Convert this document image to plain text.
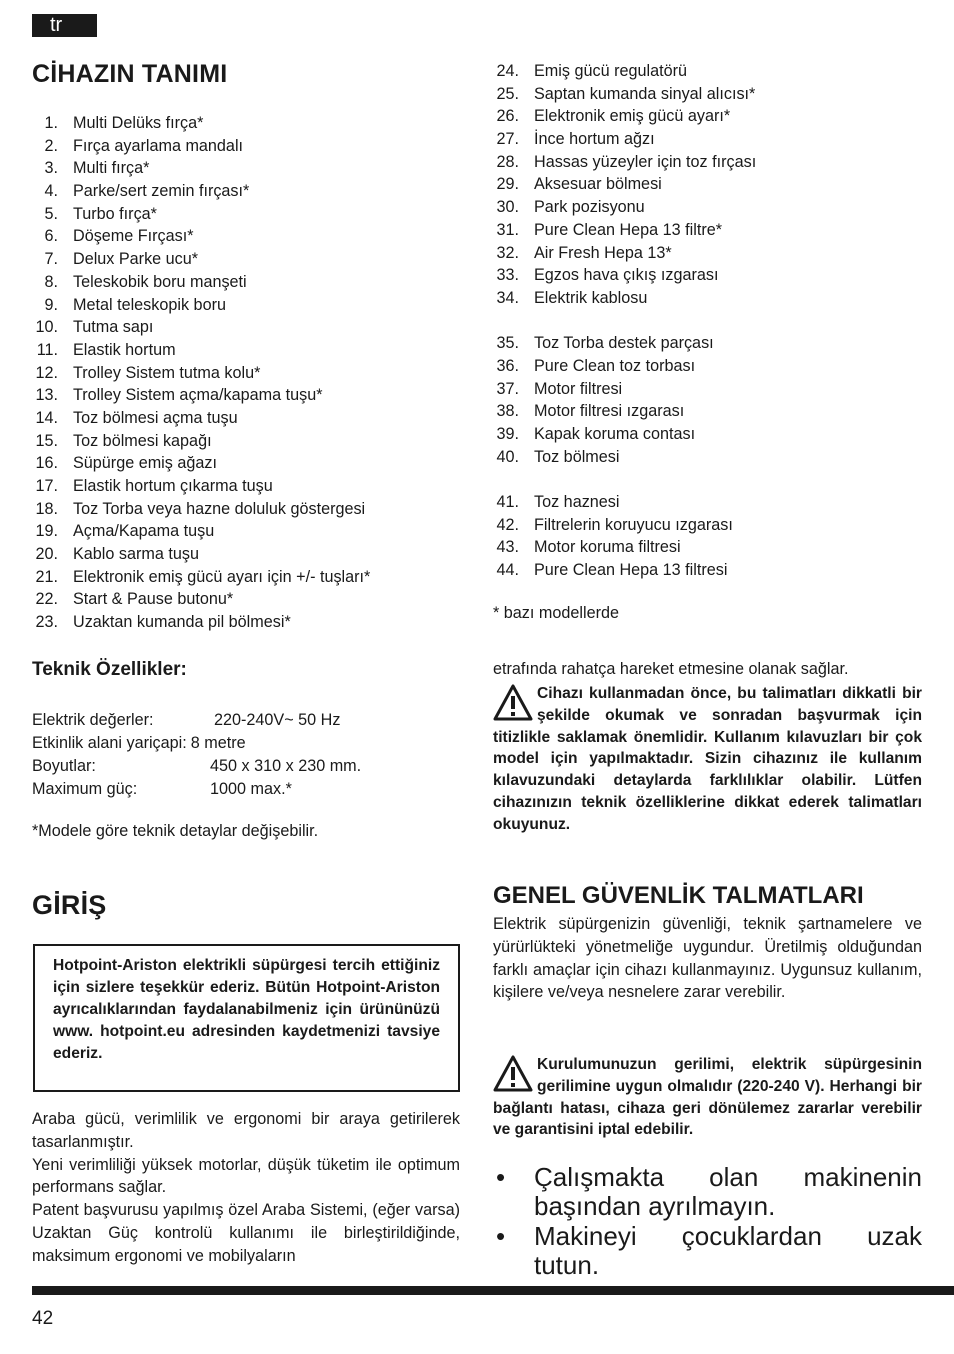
tr
CİHAZIN TANIMI
1. Multi Delüks fırça*
2. Fırça ayarlama mandalı
3. Multi fırça*
4. Parke/sert zemin fırçası*
5. Turbo fırça*
6. Döşeme Fırçası*
7. Delux Parke ucu*
8. Teleskobik boru manşeti
9. Metal teleskopik boru
10. Tutma sapı
11. Elastik hortum
12. Trolley Sistem tutma kolu*
13. Trolley Sistem açma/kapama tuşu*
14. Toz bölmesi açma tuşu
15. Toz bölmesi kapağı
16. Süpürge emiş ağazı
17. Elastik hortum çıkarma tuşu
18. Toz Torba veya hazne doluluk göstergesi
19. Açma/Kapama tuşu
20. Kablo sarma tuşu
21. Elektronik emiş gücü ayarı için +/- tuşları*
22. Start & Pause butonu*
23. Uzaktan kumanda pil bölmesi*
24. Emiş gücü regulatörü
25. Saptan kumanda sinyal alıcısı*
26. Elektronik emiş gücü ayarı*
27. İnce hortum ağzı
28. Hassas yüzeyler için toz fırçası
29. Aksesuar bölmesi
30. Park pozisyonu
31. Pure Clean Hepa 13 filtre*
32. Air Fresh Hepa 13*
33. Egzos hava çıkış ızgarası
34. Elektrik kablosu
35. Toz Torba destek parçası
36. Pure Clean toz torbası
37. Motor filtresi
38. Motor filtresi ızgarası
39. Kapak koruma contası
40. Toz bölmesi
41. Toz haznesi
42. Filtrelerin koruyucu ızgarası
43. Motor koruma filtresi
44. Pure Clean Hepa 13 filtresi
* bazı modellerde
Teknik Özellikler:
Elektrik değerler:	220-240V~ 50 Hz
Etkinlik alani yariçapi: 8 metre
Boyutlar:	450 x 310 x 230 mm.
Maximum güç:	1000 max.*
*Modele göre teknik detaylar değişebilir.
GİRİŞ
Hotpoint-Ariston elektrikli süpürgesi tercih ettiğiniz için sizlere teşekkür ederiz. Bütün Hotpoint-Ariston ayrıcalıklarından faydalanabilmeniz için ürününüzü www. hotpoint.eu adresinden kaydetmenizi tavsiye ederiz.

Araba gücü, verimlilik ve ergonomi bir araya getirilerek tasarlanmıştır.

Yeni verimliliği yüksek motorlar, düşük tüketim ile optimum performans sağlar.

Patent başvurusu yapılmış özel Araba Sistemi, (eğer varsa) Uzaktan Güç kontrolü kullanımı ile birleştirildiğinde, maksimum ergonomi ve mobilyaların

etrafında rahatça hareket etmesine olanak sağlar.
Cihazı kullanmadan önce, bu talimatları dikkatli bir şekilde okumak ve sonradan başvurmak için titizlikle saklamak önemlidir. Kullanım kılavuzları bir çok model için yapılmaktadır. Sizin cihazınız ile kullanım kılavuzundaki detaylarda farklılıklar olabilir. Lütfen cihazınızın teknik özelliklerine dikkat ederek talimatları okuyunuz.
GENEL GÜVENLİK TALMATLARI
Elektrik süpürgenizin güvenliği, teknik şartnamelere ve yürürlükteki yönetmeliğe uygundur. Üretilmiş olduğundan farklı amaçlar için cihazı kullanmayınız. Uygunsuz kullanım, kişilere ve/veya nesnelere zarar verebilir.
Kurulumunuzun gerilimi, elektrik süpürgesinin gerilimine uygun olmalıdır (220-240 V). Herhangi bir bağlantı hatası, cihaza geri dönülemez zararlar verebilir ve garantisini iptal edebilir.
• Çalışmakta olan makinenin
başından ayrılmayın.
• Makineyi çocuklardan uzak
tutun.
42
